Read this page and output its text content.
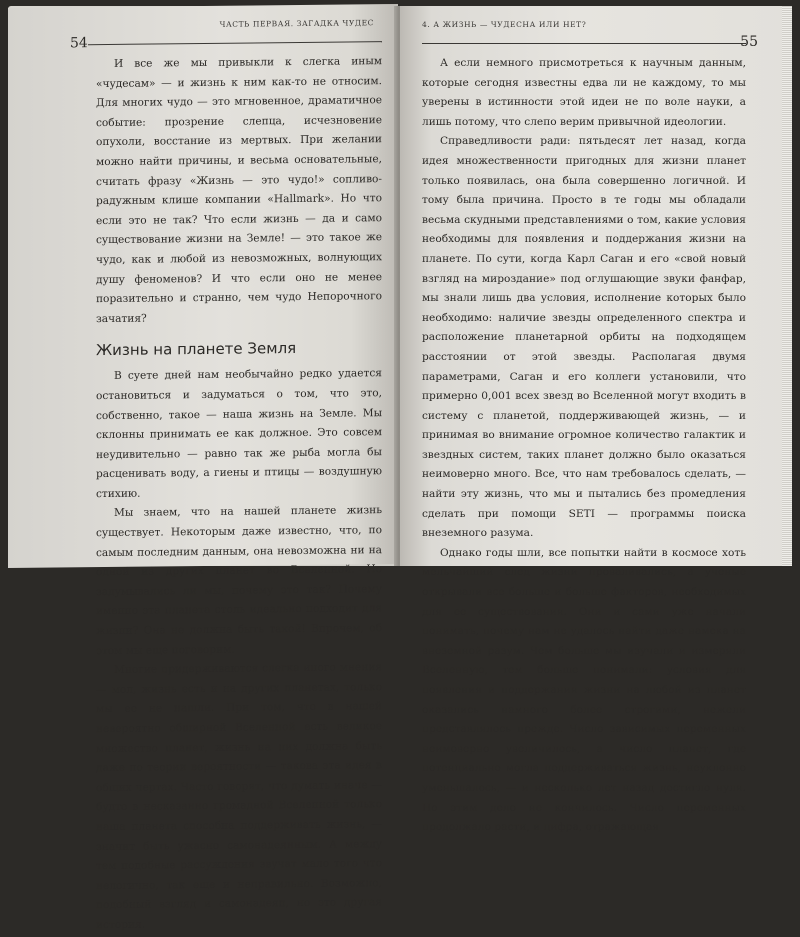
ЧАСТЬ ПЕРВАЯ. ЗАГАДКА ЧУДЕС
54

И все же мы привыкли к слегка иным «чудесам» — и жизнь к ним как-то не относим. Для многих чудо — это мгновенное, драматичное событие: прозрение слепца, исчезновение опухоли, восстание из мертвых. При желании можно найти причины, и весьма основательные, считать фразу «Жизнь — это чудо!» сопливо-радужным клише компании «Hallmark». Но что если это не так? Что если жизнь — да и само существование жизни на Земле! — это такое же чудо, как и любой из невозможных, волнующих душу феноменов? И что если оно не менее поразительно и странно, чем чудо Непорочного зачатия?

Жизнь на планете Земля

В суете дней нам необычайно редко удается остановиться и задуматься о том, что это, собственно, такое — наша жизнь на Земле. Мы склонны принимать ее как должное. Это совсем неудивительно — равно так же рыба могла бы расценивать воду, а гиены и птицы — воздушную стихию.

Мы знаем, что на нашей планете жизнь существует. Некоторым даже известно, что, по самым последним данным, она невозможна ни на одной из других планет во Вселенной. Но задумывались ли мы, почему это так? Почему именно эта планета столь идеально подходит для жизни? Она не должна быть такой! Впрочем, об этом мы еще поговорим.

Многие придерживаются слегка иного мнения — мол, жизнь есть и на других планетах, только мы ее не нашли. При том, что в нашей невероятно обширной Вселенной есть великое множество планет, жизнь на них должна быть даже по теории вероятности — такова эта идея в общих чертах. Часто говорят, что думать иначе — будто в несказанно громадной Вселенной только наша планета способна поддерживать жизнь, — значит быть ужасно самонадеянным. А между тем подобные рассуждения звучат мало того что нелогично, так еще и неправильно. Возможно, подобный взгляд и самонадеян, но это другая история.

4. А ЖИЗНЬ — ЧУДЕСНА ИЛИ НЕТ?
55

А если немного присмотреться к научным данным, которые сегодня известны едва ли не каждому, то мы уверены в истинности этой идеи не по воле науки, а лишь потому, что слепо верим привычной идеологии.

Справедливости ради: пятьдесят лет назад, когда идея множественности пригодных для жизни планет только появилась, она была совершенно логичной. И тому была причина. Просто в те годы мы обладали весьма скудными представлениями о том, какие условия необходимы для появления и поддержания жизни на планете. По сути, когда Карл Саган и его «свой новый взгляд на мироздание» под оглушающие звуки фанфар, мы знали лишь два условия, исполнение которых было необходимо: наличие звезды определенного спектра и расположение планетарной орбиты на подходящем расстоянии от этой звезды. Располагая двумя параметрами, Саган и его коллеги установили, что примерно 0,001 всех звезд во Вселенной могут входить в систему с планетой, поддерживающей жизнь, — и принимая во внимание огромное количество галактик и звездных систем, таких планет должно было оказаться неимоверно много. Все, что нам требовалось сделать, — найти эту жизнь, что мы и пытались без промедления сделать при помощи SETI — программы поиска внеземного разума.

Однако годы шли, все попытки найти в космосе хоть мельчайший след жизни проваливались, а ученые открывали все больше и больше факторов, необходимых для ее существования. Они и сами уже начали понимать, почему нам не удалось найти даже намека на внеземной разум. Чем больше мы изучали и измеряли Вселенную, тем больше понимали: условия для появления и поддержания жизни на любой из планет оказались намного более строгими, нежели представлялось прежде. Число зависимых переменных неимоверно увеличилось, а число планет, где потенциально могла поддерживаться жизнь, неуклонно уменьшалось, — и несколько лет назад достигло нуля. Но этим дело не кончилось. Число переменных продолжало расти, и цифра, отражающая
